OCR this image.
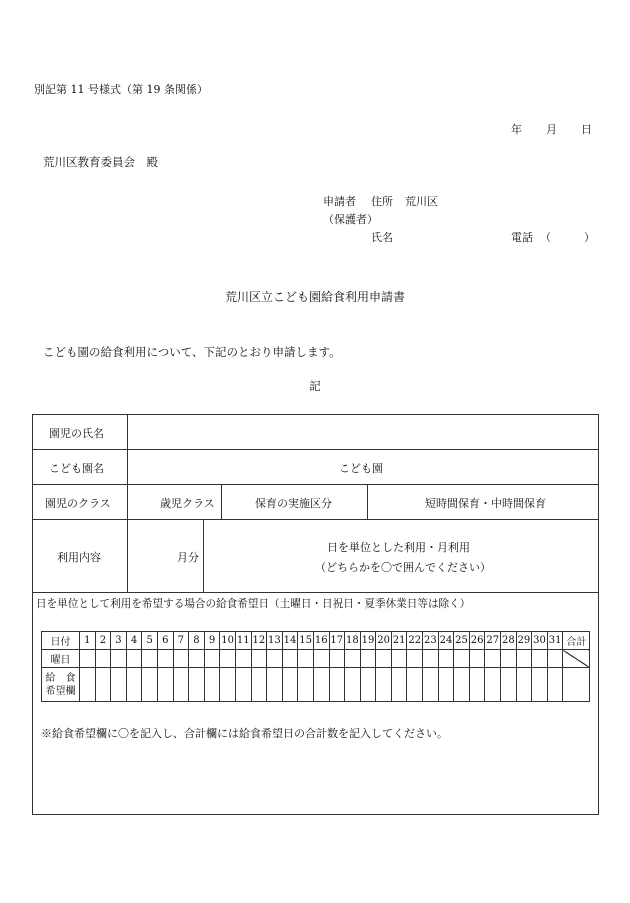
別記第 11 号様式（第 19 条関係）
年 月 日
荒川区教育委員会　殿
申請者 住所 荒川区
（保護者）
氏名	電話 （　　　）
荒川区立こども園給食利用申請書
こども園の給食利用について、下記のとおり申請します。
記
園児の氏名
こども園名	こども園
園児のクラス	歳児クラス	保育の実施区分	短時間保育・中時間保育
利用内容	月分
日を単位とした利用・月利用
（どちらかを〇で囲んでください）
日を単位として利用を希望する場合の給食希望日（土曜日・日祝日・夏季休業日等は除く）
日付	1	2	3	4	5	6	7	8	9	10	11	12	13	14	15	16	17	18	19	20	21	22	23	24	25	26	27	28	29	30	31	合計
曜日																																
給　食
希望欄																																
※給食希望欄に〇を記入し、合計欄には給食希望日の合計数を記入してください。
